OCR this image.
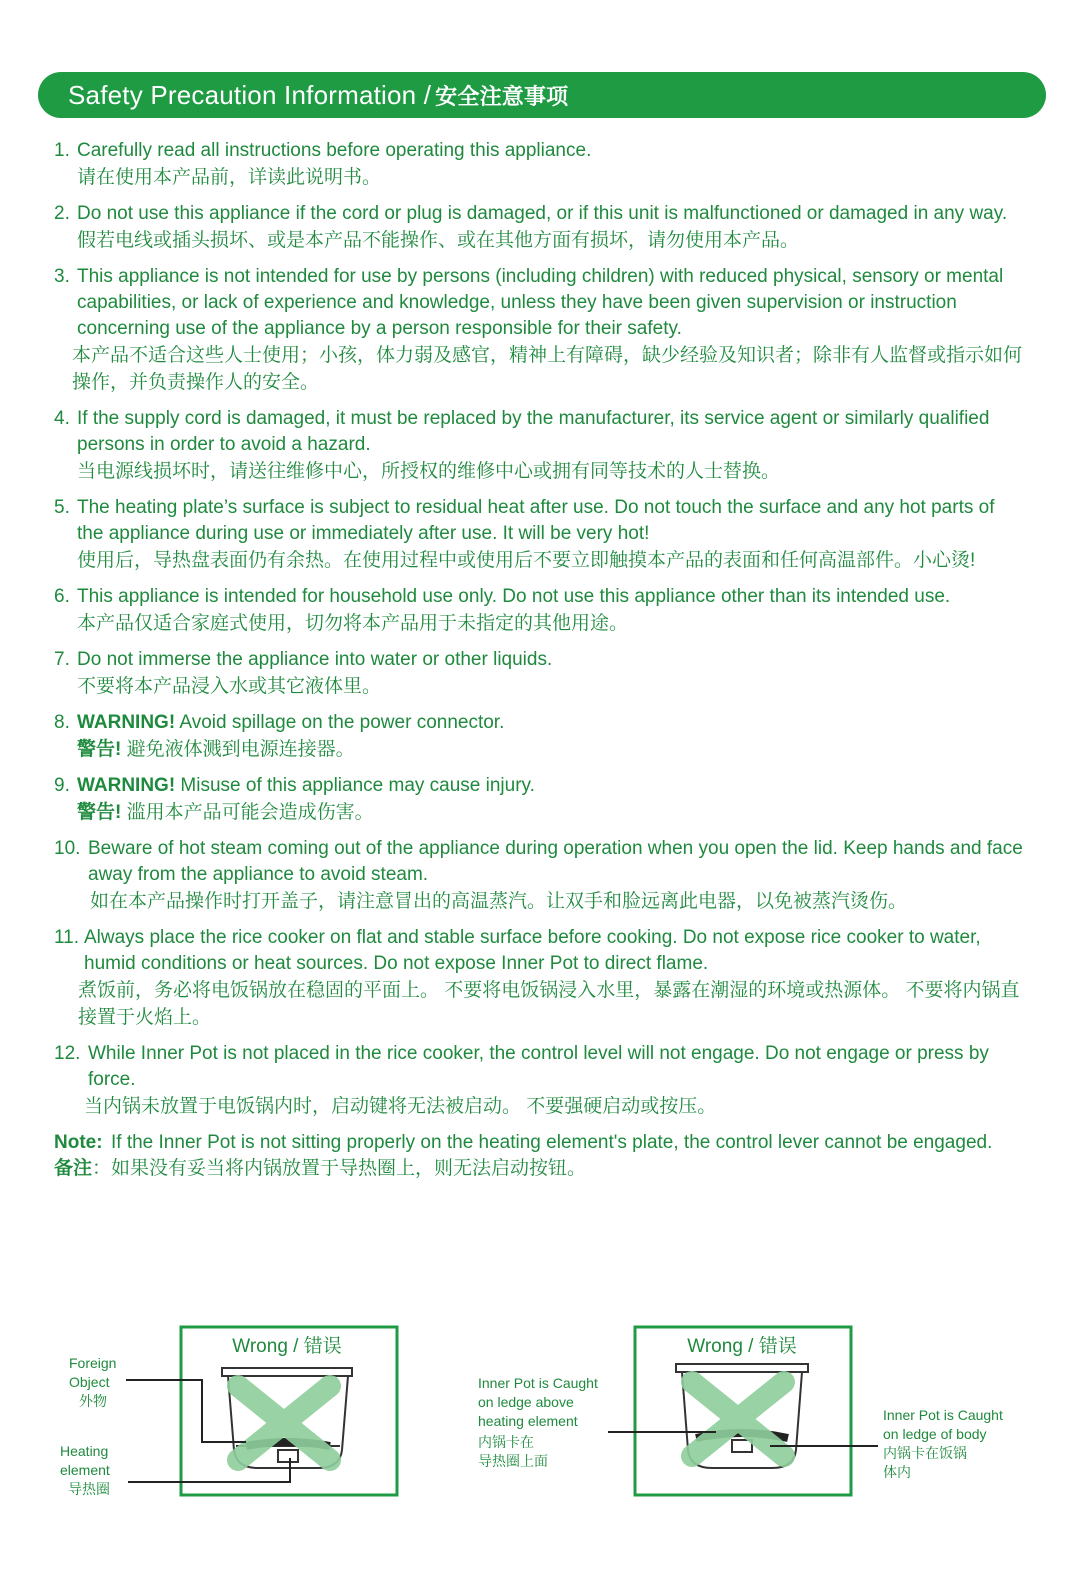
Safety Precaution Information / 安全注意事项
1. Carefully read all instructions before operating this appliance.
请在使用本产品前，详读此说明书。
2. Do not use this appliance if the cord or plug is damaged, or if this unit is malfunctioned or damaged in any way.
假若电线或插头损坏、或是本产品不能操作、或在其他方面有损坏，请勿使用本产品。
3. This appliance is not intended for use by persons (including children) with reduced physical, sensory or mental capabilities, or lack of experience and knowledge, unless they have been given supervision or instruction concerning use of the appliance by a person responsible for their safety.
本产品不适合这些人士使用；小孩，体力弱及感官，精神上有障碍，缺少经验及知识者；除非有人监督或指示如何操作，并负责操作人的安全。
4. If the supply cord is damaged, it must be replaced by the manufacturer, its service agent or similarly qualified persons in order to avoid a hazard.
当电源线损坏时，请送往维修中心，所授权的维修中心或拥有同等技术的人士替换。
5. The heating plate’s surface is subject to residual heat after use. Do not touch the surface and any hot parts of the appliance during use or immediately after use. It will be very hot!
使用后，导热盘表面仍有余热。在使用过程中或使用后不要立即触摸本产品的表面和任何高温部件。小心烫!
6. This appliance is intended for household use only. Do not use this appliance other than its intended use.
本产品仅适合家庭式使用，切勿将本产品用于未指定的其他用途。
7. Do not immerse the appliance into water or other liquids.
不要将本产品浸入水或其它液体里。
8. WARNING! Avoid spillage on the power connector.
警告! 避免液体溅到电源连接器。
9. WARNING! Misuse of this appliance may cause injury.
警告! 滥用本产品可能会造成伤害。
10. Beware of hot steam coming out of the appliance during operation when you open the lid. Keep hands and face away from the appliance to avoid steam.
如在本产品操作时打开盖子，请注意冒出的高温蒸汽。让双手和脸远离此电器，以免被蒸汽烫伤。
11. Always place the rice cooker on flat and stable surface before cooking. Do not expose rice cooker to water, humid conditions or heat sources. Do not expose Inner Pot to direct flame.
煮饭前，务必将电饭锅放在稳固的平面上。 不要将电饭锅浸入水里，暴露在潮湿的环境或热源体。 不要将内锅直接置于火焰上。
12. While Inner Pot is not placed in the rice cooker, the control level will not engage. Do not engage or press by force.
当内锅未放置于电饭锅内时，启动键将无法被启动。 不要强硬启动或按压。
Note: If the Inner Pot is not sitting properly on the heating element's plate, the control lever cannot be engaged.
备注：如果没有妥当将内锅放置于导热圈上，则无法启动按钮。
Wrong / 错误
Foreign
Object
外物
Heating
element
导热圈
Wrong / 错误
Inner Pot is Caught
on ledge above
heating element
内锅卡在
导热圈上面
Inner Pot is Caught
on ledge of body
内锅卡在饭锅
体内
